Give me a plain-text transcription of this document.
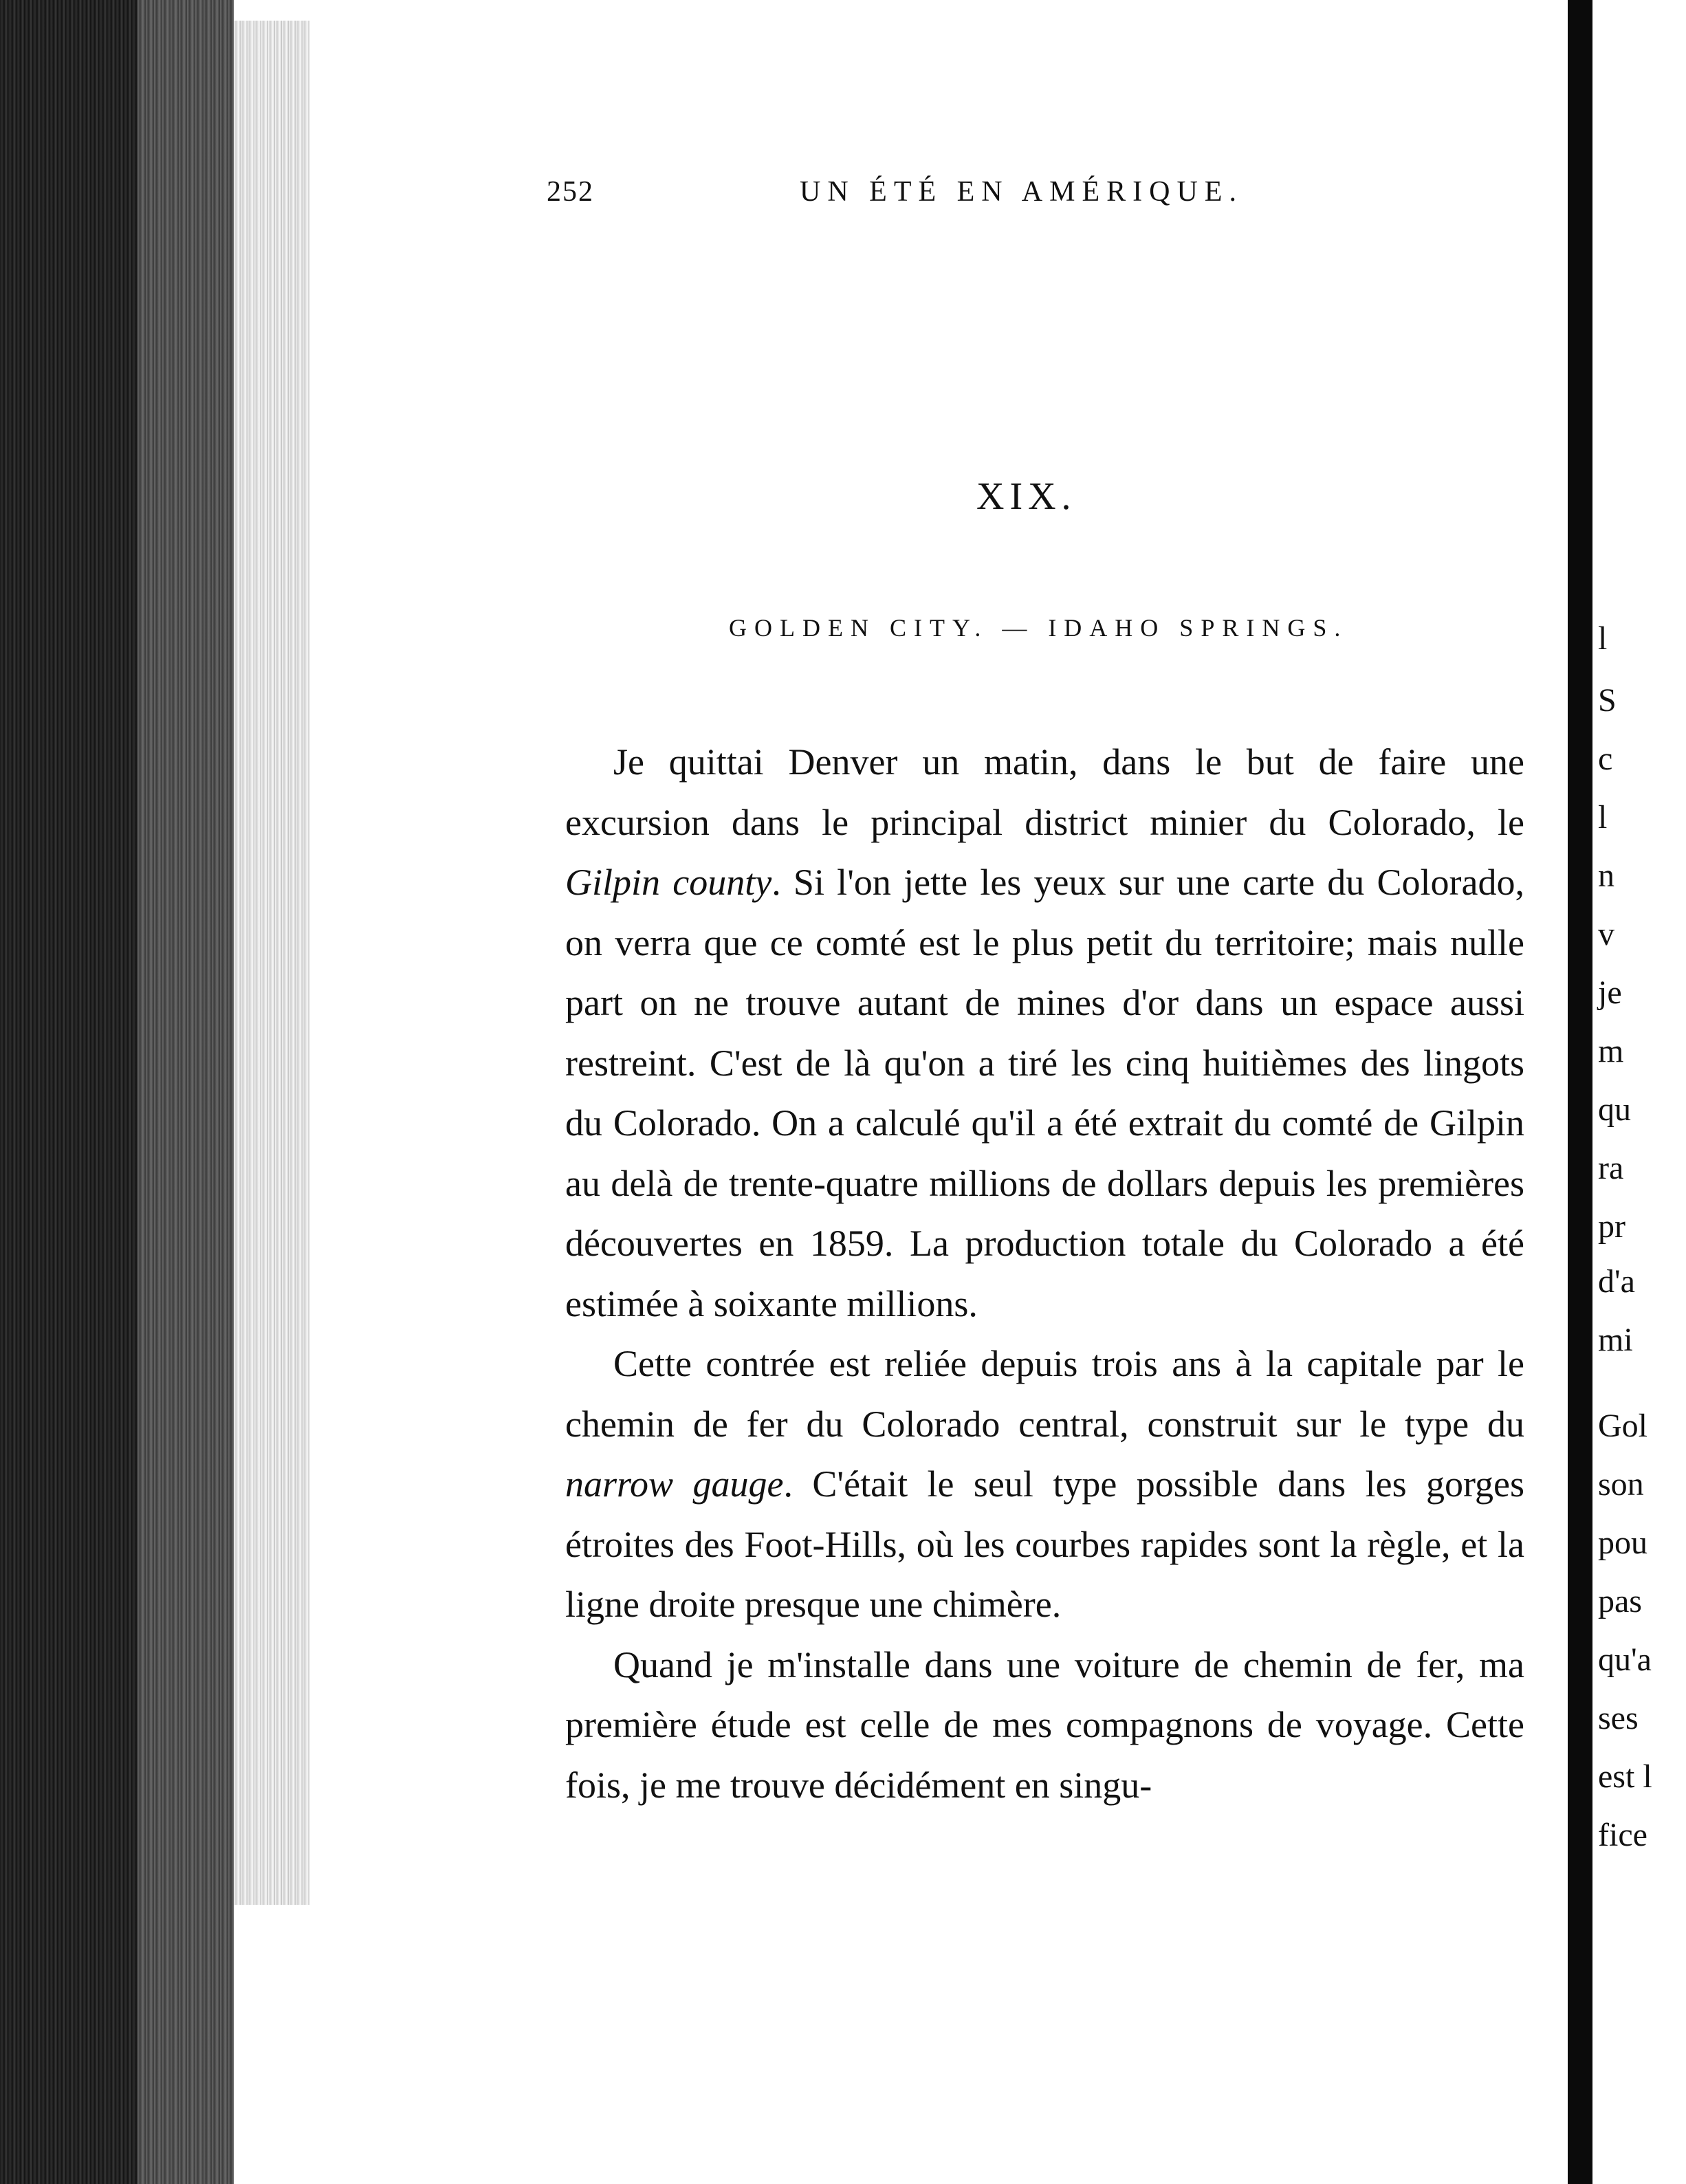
252	UN ÉTÉ EN AMÉRIQUE.
XIX.
GOLDEN CITY. — IDAHO SPRINGS.

Je quittai Denver un matin, dans le but de faire une excursion dans le principal district minier du Colorado, le Gilpin county. Si l'on jette les yeux sur une carte du Colorado, on verra que ce comté est le plus petit du territoire; mais nulle part on ne trouve autant de mines d'or dans un espace aussi restreint. C'est de là qu'on a tiré les cinq huitièmes des lingots du Colorado. On a calculé qu'il a été extrait du comté de Gilpin au delà de trente-quatre millions de dollars depuis les premières découvertes en 1859. La production totale du Colorado a été estimée à soixante millions.

Cette contrée est reliée depuis trois ans à la capitale par le chemin de fer du Colorado central, construit sur le type du narrow gauge. C'était le seul type possible dans les gorges étroites des Foot-Hills, où les courbes rapides sont la règle, et la ligne droite presque une chimère.

Quand je m'installe dans une voiture de chemin de fer, ma première étude est celle de mes compagnons de voyage. Cette fois, je me trouve décidément en singu-

l
S
c
l
n
v
je
m
qu
ra
pr
d'a
mi
Gol
son
pou
pas
qu'a
ses
est l
fice
